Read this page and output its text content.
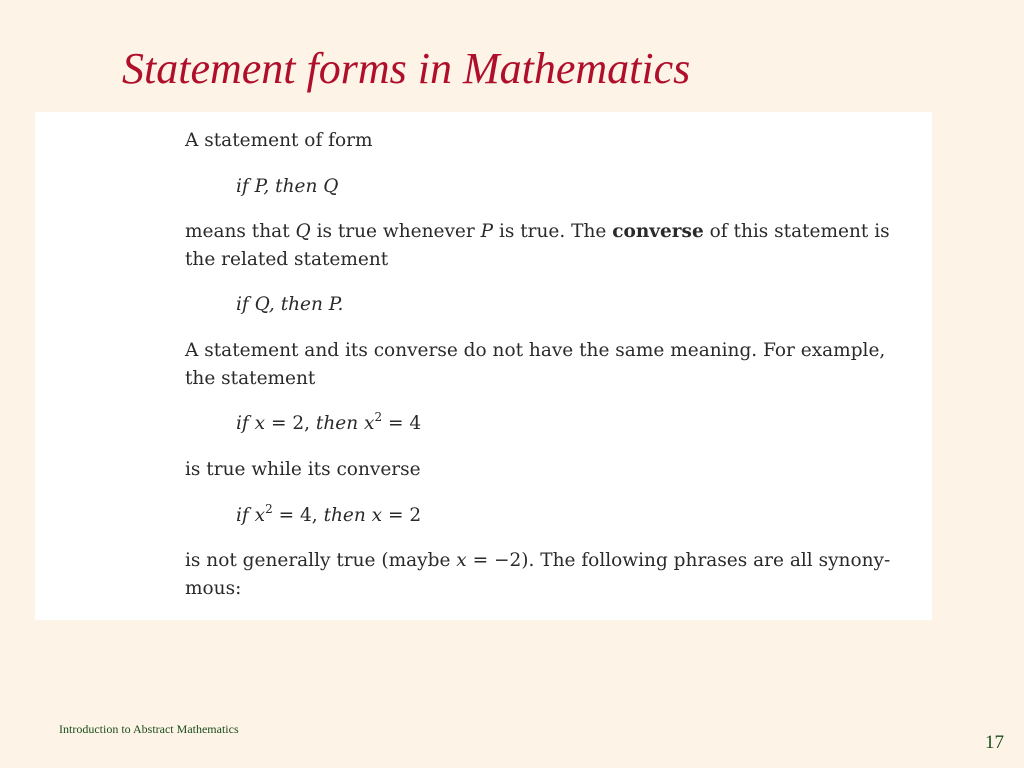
Statement forms in Mathematics

A statement of form

if P, then Q

means that Q is true whenever P is true. The converse of this statement is
the related statement

if Q, then P.

A statement and its converse do not have the same meaning. For example,
the statement

if x = 2, then $x^2 = 4$

is true while its converse

if $x^2 = 4$, then x = 2

is not generally true (maybe x = −2). The following phrases are all synony-
mous:

Introduction to Abstract Mathematics
17
